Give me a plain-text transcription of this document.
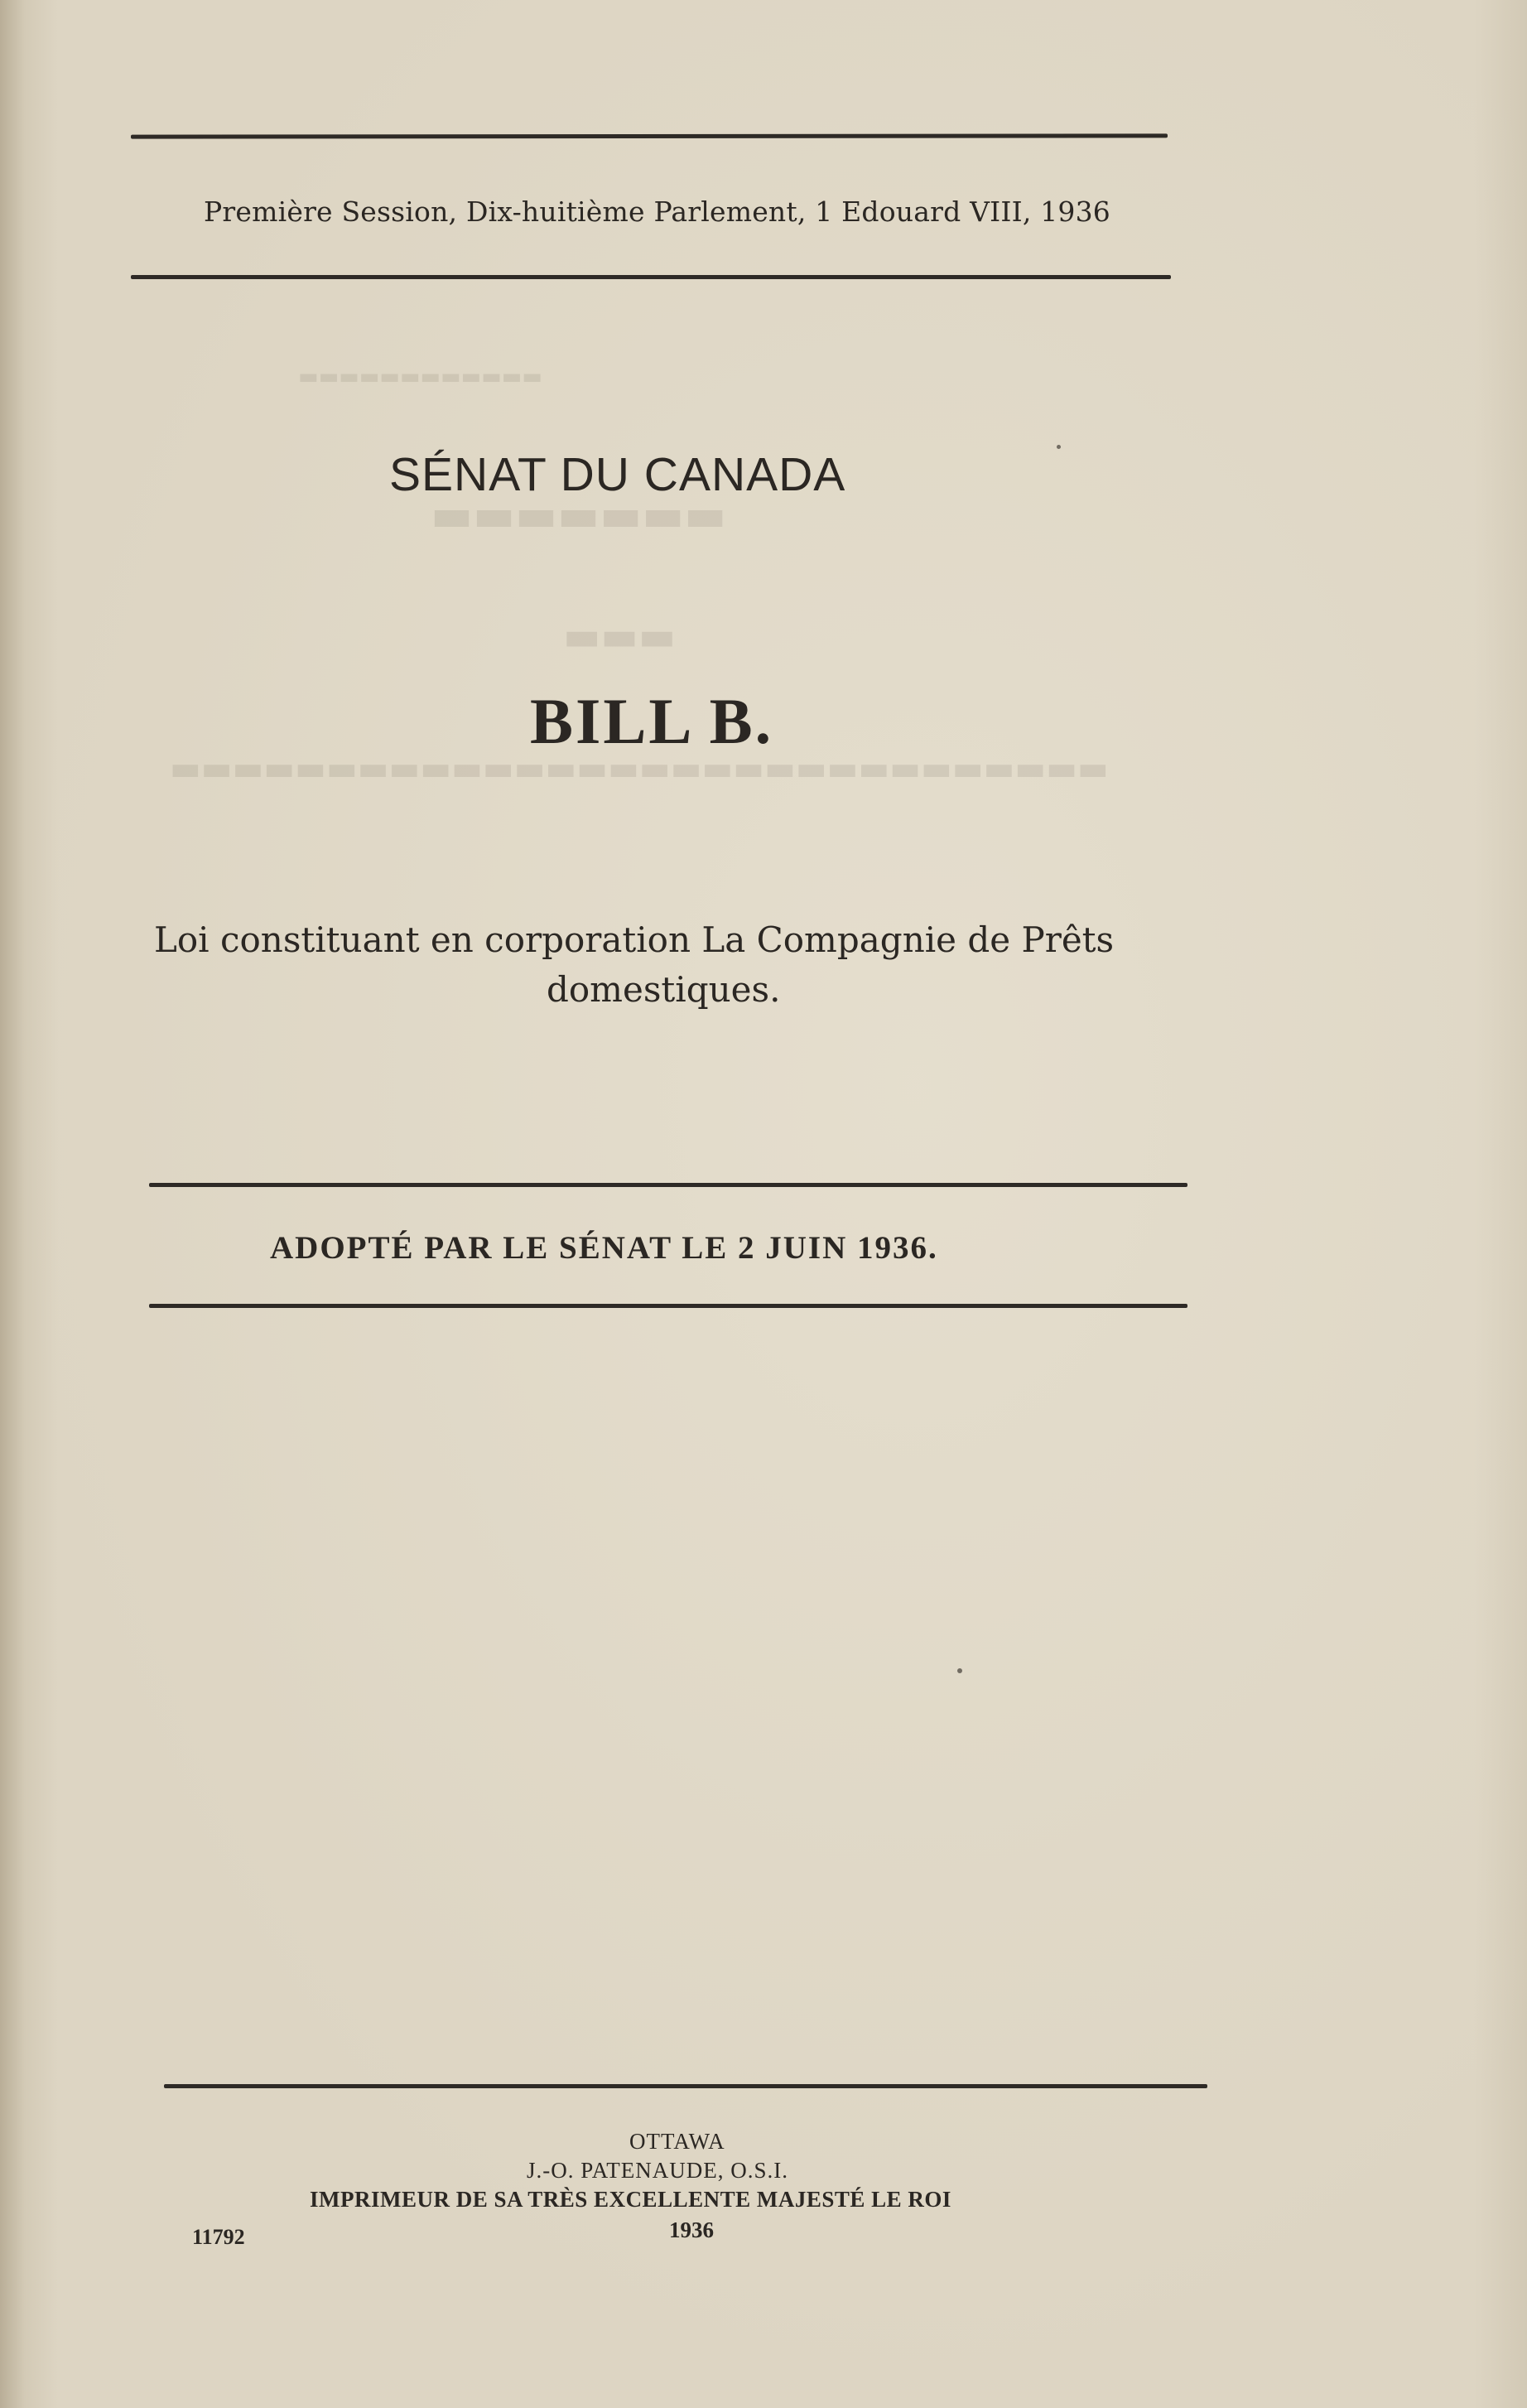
▬▬▬▬▬▬▬▬▬▬▬▬
▬▬▬▬▬▬▬
▬▬▬
▬▬▬▬▬▬▬▬▬▬▬▬▬▬▬▬▬▬▬▬▬▬▬▬▬▬▬▬▬▬
Première Session, Dix-huitième Parlement, 1 Edouard VIII, 1936
SÉNAT DU CANADA
BILL B.
Loi constituant en corporation La Compagnie de Prêts
domestiques.
ADOPTÉ PAR LE SÉNAT LE 2 JUIN 1936.
OTTAWA
J.-O. PATENAUDE, O.S.I.
IMPRIMEUR DE SA TRÈS EXCELLENTE MAJESTÉ LE ROI
1936
11792
